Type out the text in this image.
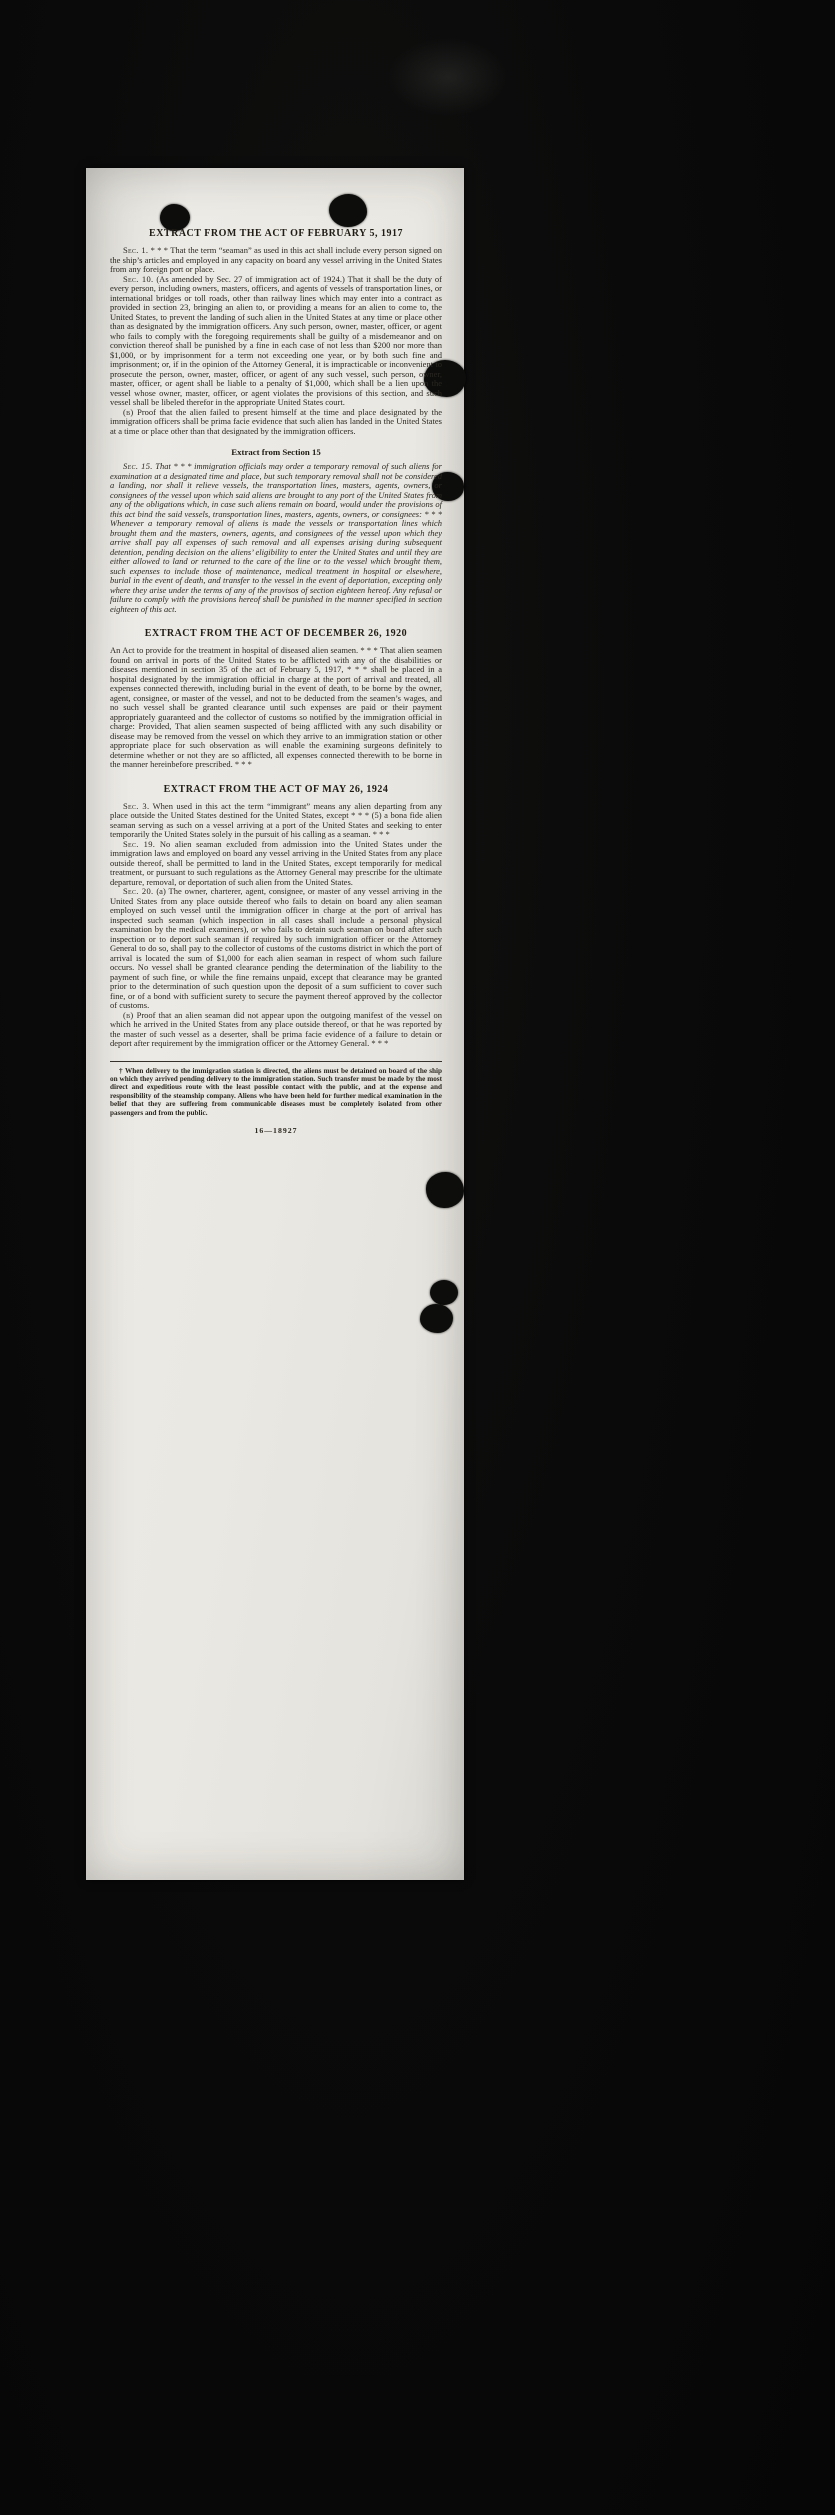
EXTRACT FROM THE ACT OF FEBRUARY 5, 1917

Sec. 1. * * * That the term “seaman” as used in this act shall include every person signed on the ship’s articles and employed in any capacity on board any vessel arriving in the United States from any foreign port or place.

Sec. 10. (As amended by Sec. 27 of immigration act of 1924.) That it shall be the duty of every person, including owners, masters, officers, and agents of vessels of transportation lines, or international bridges or toll roads, other than railway lines which may enter into a contract as provided in section 23, bringing an alien to, or providing a means for an alien to come to, the United States, to prevent the landing of such alien in the United States at any time or place other than as designated by the immigration officers. Any such person, owner, master, officer, or agent who fails to comply with the foregoing requirements shall be guilty of a misdemeanor and on conviction thereof shall be punished by a fine in each case of not less than $200 nor more than $1,000, or by imprisonment for a term not exceeding one year, or by both such fine and imprisonment; or, if in the opinion of the Attorney General, it is impracticable or inconvenient to prosecute the person, owner, master, officer, or agent of any such vessel, such person, owner, master, officer, or agent shall be liable to a penalty of $1,000, which shall be a lien upon the vessel whose owner, master, officer, or agent violates the provisions of this section, and such vessel shall be libeled therefor in the appropriate United States court.

(b) Proof that the alien failed to present himself at the time and place designated by the immigration officers shall be prima facie evidence that such alien has landed in the United States at a time or place other than that designated by the immigration officers.

Extract from Section 15

Sec. 15. That * * * immigration officials may order a temporary removal of such aliens for examination at a designated time and place, but such temporary removal shall not be considered a landing, nor shall it relieve vessels, the transportation lines, masters, agents, owners, or consignees of the vessel upon which said aliens are brought to any port of the United States from any of the obligations which, in case such aliens remain on board, would under the provisions of this act bind the said vessels, transportation lines, masters, agents, owners, or consignees: * * * Whenever a temporary removal of aliens is made the vessels or transportation lines which brought them and the masters, owners, agents, and consignees of the vessel upon which they arrive shall pay all expenses of such removal and all expenses arising during subsequent detention, pending decision on the aliens’ eligibility to enter the United States and until they are either allowed to land or returned to the care of the line or to the vessel which brought them, such expenses to include those of maintenance, medical treatment in hospital or elsewhere, burial in the event of death, and transfer to the vessel in the event of deportation, excepting only where they arise under the terms of any of the provisos of section eighteen hereof. Any refusal or failure to comply with the provisions hereof shall be punished in the manner specified in section eighteen of this act.

EXTRACT FROM THE ACT OF DECEMBER 26, 1920

An Act to provide for the treatment in hospital of diseased alien seamen. * * * That alien seamen found on arrival in ports of the United States to be afflicted with any of the disabilities or diseases mentioned in section 35 of the act of February 5, 1917, * * * shall be placed in a hospital designated by the immigration official in charge at the port of arrival and treated, all expenses connected therewith, including burial in the event of death, to be borne by the owner, agent, consignee, or master of the vessel, and not to be deducted from the seamen’s wages, and no such vessel shall be granted clearance until such expenses are paid or their payment appropriately guaranteed and the collector of customs so notified by the immigration official in charge: Provided, That alien seamen suspected of being afflicted with any such disability or disease may be removed from the vessel on which they arrive to an immigration station or other appropriate place for such observation as will enable the examining surgeons definitely to determine whether or not they are so afflicted, all expenses connected therewith to be borne in the manner hereinbefore prescribed. * * *

EXTRACT FROM THE ACT OF MAY 26, 1924

Sec. 3. When used in this act the term “immigrant” means any alien departing from any place outside the United States destined for the United States, except * * * (5) a bona fide alien seaman serving as such on a vessel arriving at a port of the United States and seeking to enter temporarily the United States solely in the pursuit of his calling as a seaman. * * *

Sec. 19. No alien seaman excluded from admission into the United States under the immigration laws and employed on board any vessel arriving in the United States from any place outside thereof, shall be permitted to land in the United States, except temporarily for medical treatment, or pursuant to such regulations as the Attorney General may prescribe for the ultimate departure, removal, or deportation of such alien from the United States.

Sec. 20. (a) The owner, charterer, agent, consignee, or master of any vessel arriving in the United States from any place outside thereof who fails to detain on board any alien seaman employed on such vessel until the immigration officer in charge at the port of arrival has inspected such seaman (which inspection in all cases shall include a personal physical examination by the medical examiners), or who fails to detain such seaman on board after such inspection or to deport such seaman if required by such immigration officer or the Attorney General to do so, shall pay to the collector of customs of the customs district in which the port of arrival is located the sum of $1,000 for each alien seaman in respect of whom such failure occurs. No vessel shall be granted clearance pending the determination of the liability to the payment of such fine, or while the fine remains unpaid, except that clearance may be granted prior to the determination of such question upon the deposit of a sum sufficient to cover such fine, or of a bond with sufficient surety to secure the payment thereof approved by the collector of customs.

(b) Proof that an alien seaman did not appear upon the outgoing manifest of the vessel on which he arrived in the United States from any place outside thereof, or that he was reported by the master of such vessel as a deserter, shall be prima facie evidence of a failure to detain or deport after requirement by the immigration officer or the Attorney General. * * *

† When delivery to the immigration station is directed, the aliens must be detained on board of the ship on which they arrived pending delivery to the immigration station. Such transfer must be made by the most direct and expeditious route with the least possible contact with the public, and at the expense and responsibility of the steamship company. Aliens who have been held for further medical examination in the belief that they are suffering from communicable diseases must be completely isolated from other passengers and from the public.

16—18927
